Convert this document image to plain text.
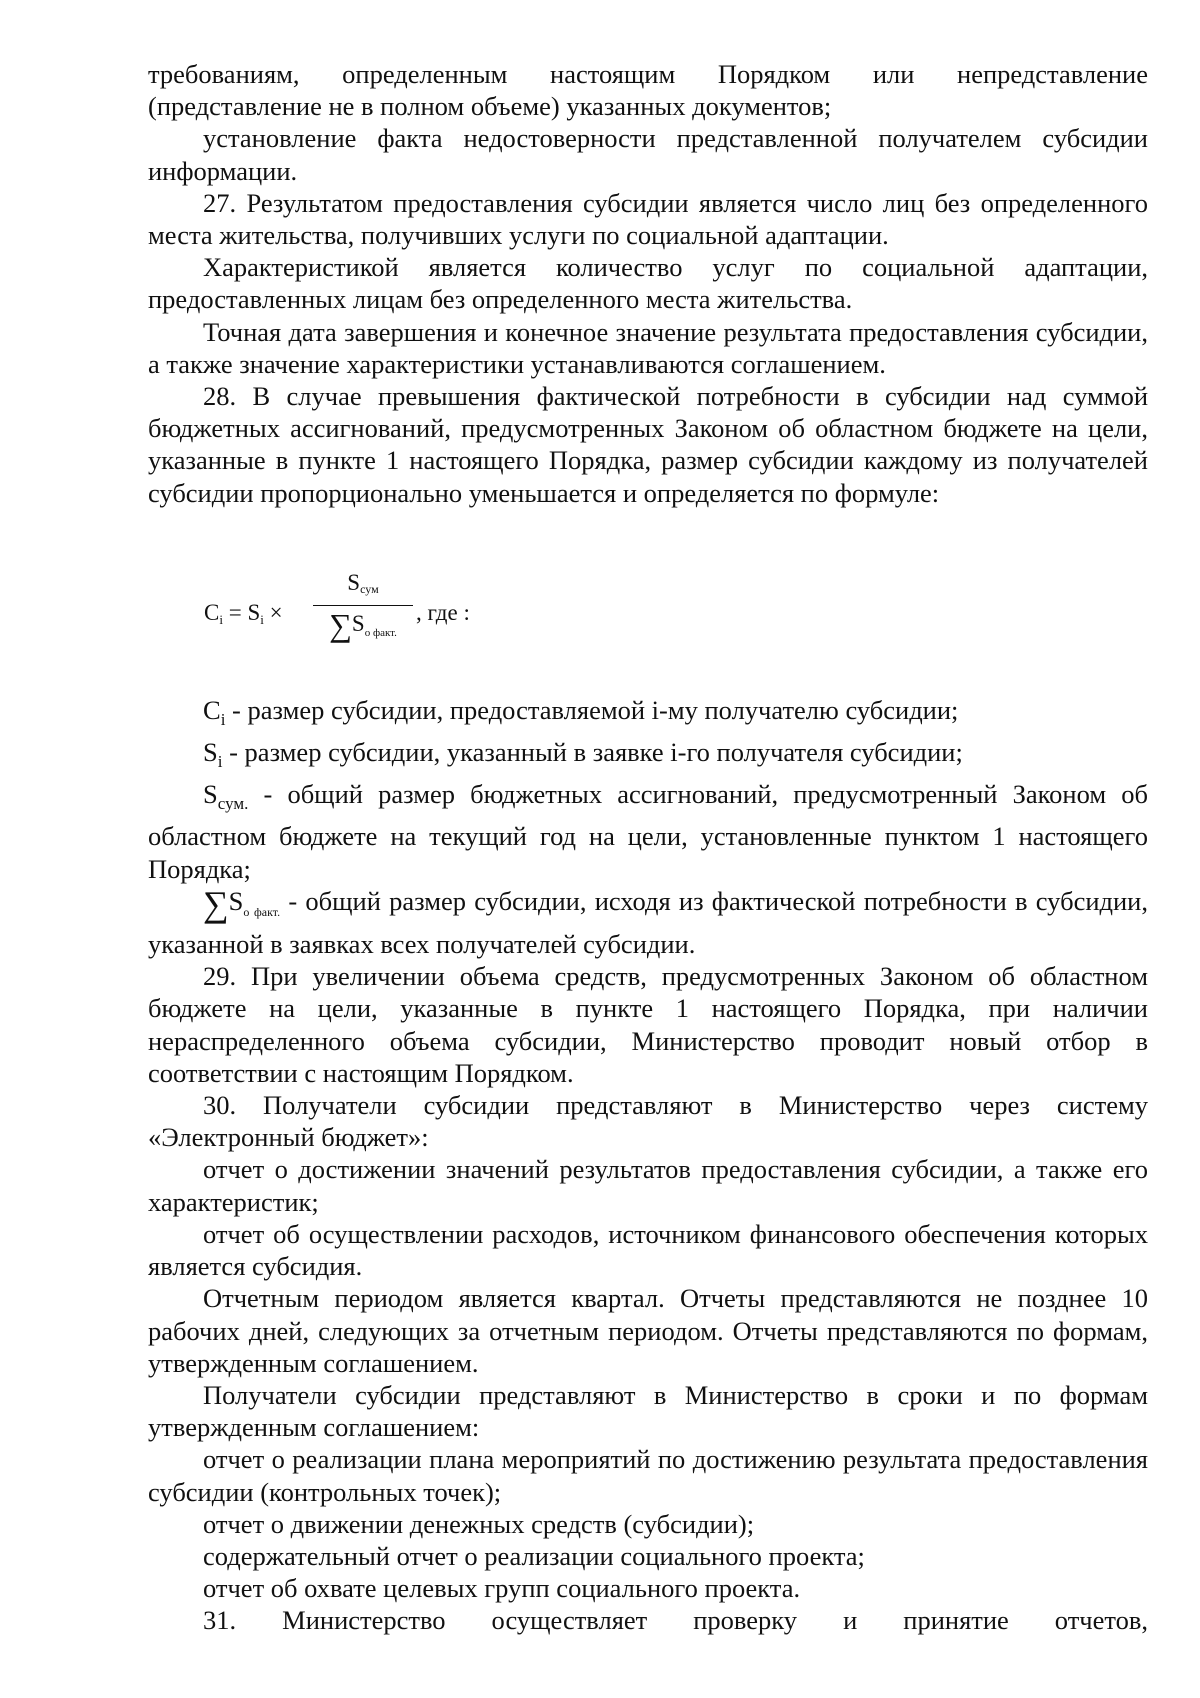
требованиям, определенным настоящим Порядком или непредставление (представление не в полном объеме) указанных документов;

установление факта недостоверности представленной получателем субсидии информации.

27. Результатом предоставления субсидии является число лиц без определенного места жительства, получивших услуги по социальной адаптации.

Характеристикой является количество услуг по социальной адаптации, предоставленных лицам без определенного места жительства.

Точная дата завершения и конечное значение результата предоставления субсидии, а также значение характеристики устанавливаются соглашением.

28. В случае превышения фактической потребности в субсидии над суммой бюджетных ассигнований, предусмотренных Законом об областном бюджете на цели, указанные в пункте 1 настоящего Порядка, размер субсидии каждому из получателей субсидии пропорционально уменьшается и определяется по формуле:

$C_i = S_i$ ×
$S_{сум}$
$\sum S_{о факт.}$
, где :

$C_i$ - размер субсидии, предоставляемой i-му получателю субсидии;

$S_i$ - размер субсидии, указанный в заявке i-го получателя субсидии;

$S_{сум.}$ - общий размер бюджетных ассигнований, предусмотренный Законом об областном бюджете на текущий год на цели, установленные пунктом 1 настоящего Порядка;

$\sum S_{о факт.}$ - общий размер субсидии, исходя из фактической потребности в субсидии, указанной в заявках всех получателей субсидии.

29. При увеличении объема средств, предусмотренных Законом об областном бюджете на цели, указанные в пункте 1 настоящего Порядка, при наличии нераспределенного объема субсидии, Министерство проводит новый отбор в соответствии с настоящим Порядком.

30. Получатели субсидии представляют в Министерство через систему «Электронный бюджет»:

отчет о достижении значений результатов предоставления субсидии, а также его характеристик;

отчет об осуществлении расходов, источником финансового обеспечения которых является субсидия.

Отчетным периодом является квартал. Отчеты представляются не позднее 10 рабочих дней, следующих за отчетным периодом. Отчеты представляются по формам, утвержденным соглашением.

Получатели субсидии представляют в Министерство в сроки и по формам утвержденным соглашением:

отчет о реализации плана мероприятий по достижению результата предоставления субсидии (контрольных точек);

отчет о движении денежных средств (субсидии);

содержательный отчет о реализации социального проекта;

отчет об охвате целевых групп социального проекта.

31. Министерство осуществляет проверку и принятие отчетов,
